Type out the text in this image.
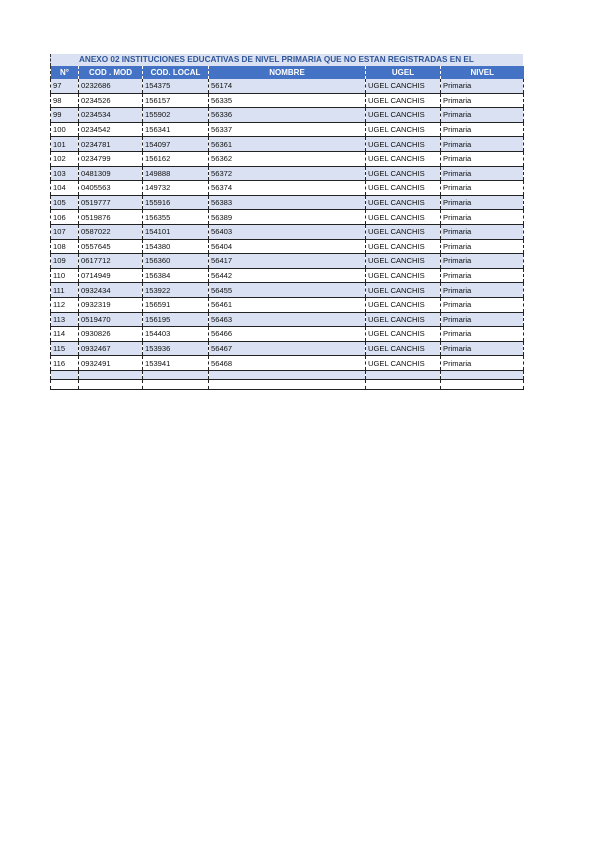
ANEXO 02 INSTITUCIONES EDUCATIVAS DE NIVEL PRIMARIA QUE NO ESTAN REGISTRADAS EN EL
N°	COD . MOD	COD. LOCAL	NOMBRE	UGEL	NIVEL
97	0232686	154375	56174	UGEL CANCHIS	Primaria
98	0234526	156157	56335	UGEL CANCHIS	Primaria
99	0234534	155902	56336	UGEL CANCHIS	Primaria
100	0234542	156341	56337	UGEL CANCHIS	Primaria
101	0234781	154097	56361	UGEL CANCHIS	Primaria
102	0234799	156162	56362	UGEL CANCHIS	Primaria
103	0481309	149888	56372	UGEL CANCHIS	Primaria
104	0405563	149732	56374	UGEL CANCHIS	Primaria
105	0519777	155916	56383	UGEL CANCHIS	Primaria
106	0519876	156355	56389	UGEL CANCHIS	Primaria
107	0587022	154101	56403	UGEL CANCHIS	Primaria
108	0557645	154380	56404	UGEL CANCHIS	Primaria
109	0617712	156360	56417	UGEL CANCHIS	Primaria
110	0714949	156384	56442	UGEL CANCHIS	Primaria
111	0932434	153922	56455	UGEL CANCHIS	Primaria
112	0932319	156591	56461	UGEL CANCHIS	Primaria
113	0519470	156195	56463	UGEL CANCHIS	Primaria
114	0930826	154403	56466	UGEL CANCHIS	Primaria
115	0932467	153936	56467	UGEL CANCHIS	Primaria
116	0932491	153941	56468	UGEL CANCHIS	Primaria
